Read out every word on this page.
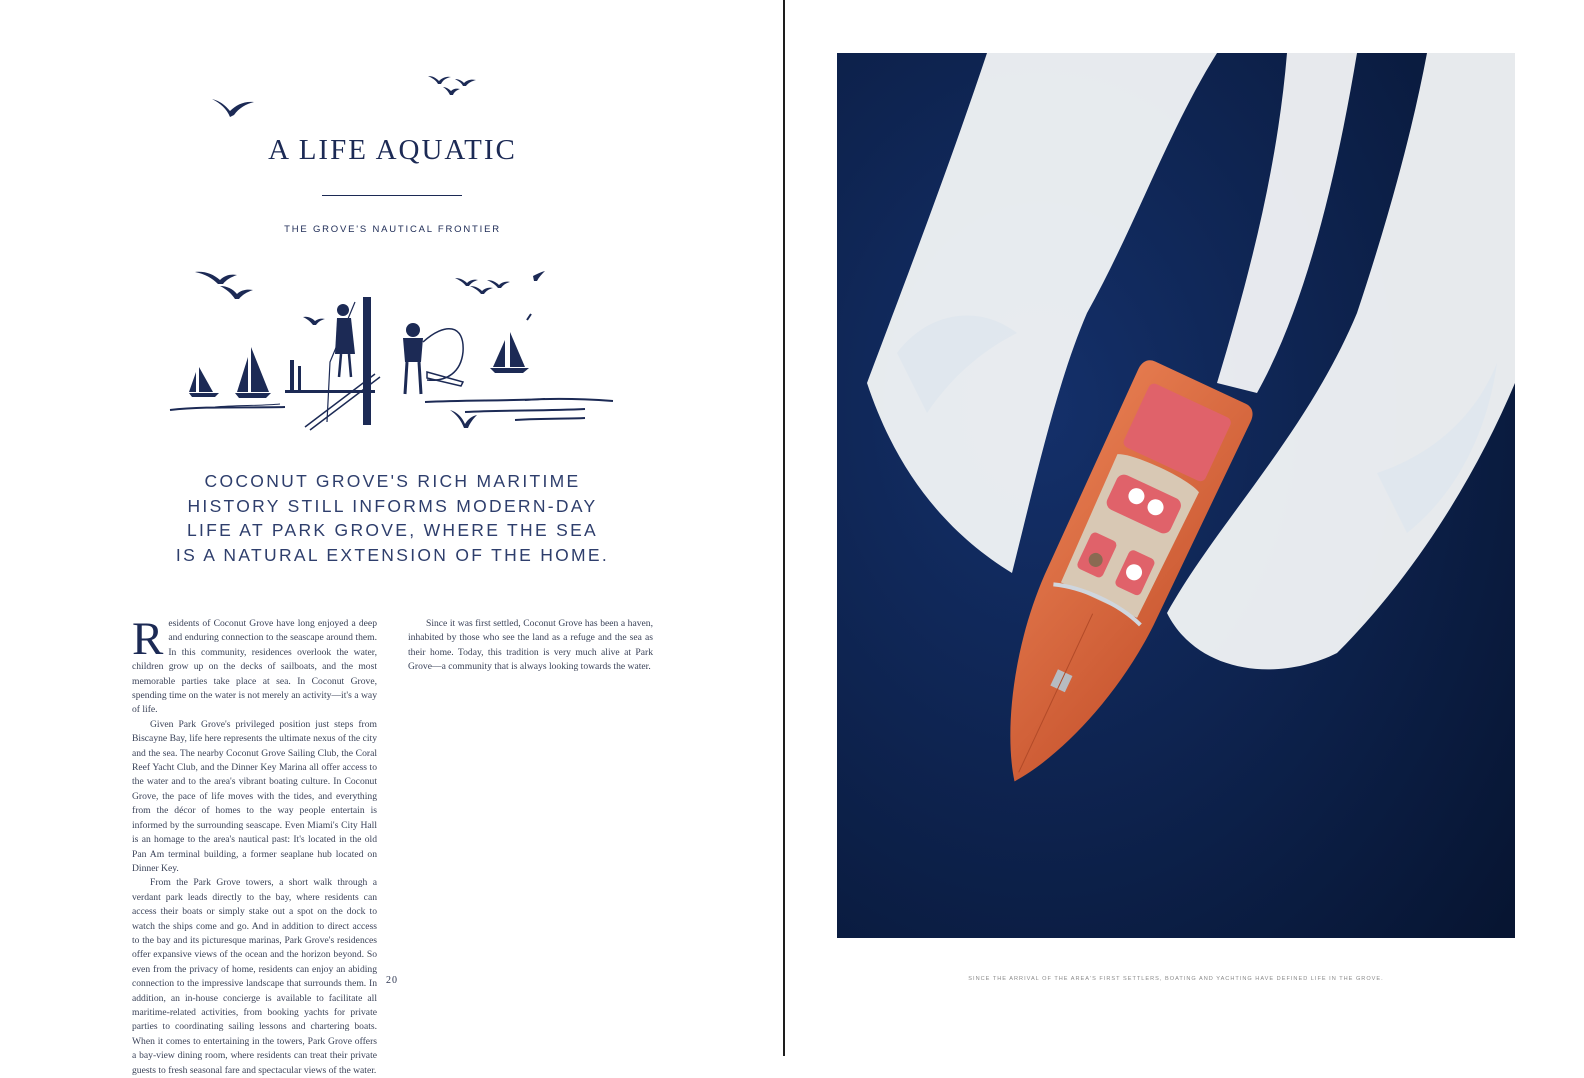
A LIFE AQUATIC
THE GROVE'S NAUTICAL FRONTIER
COCONUT GROVE'S RICH MARITIME
HISTORY STILL INFORMS MODERN-DAY
LIFE AT PARK GROVE, WHERE THE SEA
IS A NATURAL EXTENSION OF THE HOME.

Residents of Coconut Grove have long enjoyed a deep and enduring connection to the seascape around them. In this community, residences overlook the water, children grow up on the decks of sailboats, and the most memorable parties take place at sea. In Coconut Grove, spending time on the water is not merely an activity—it's a way of life.

Given Park Grove's privileged position just steps from Biscayne Bay, life here represents the ultimate nexus of the city and the sea. The nearby Coconut Grove Sailing Club, the Coral Reef Yacht Club, and the Dinner Key Marina all offer access to the water and to the area's vibrant boating culture. In Coconut Grove, the pace of life moves with the tides, and everything from the décor of homes to the way people entertain is informed by the surrounding seascape. Even Miami's City Hall is an homage to the area's nautical past: It's located in the old Pan Am terminal building, a former seaplane hub located on Dinner Key.

From the Park Grove towers, a short walk through a verdant park leads directly to the bay, where residents can access their boats or simply stake out a spot on the dock to watch the ships come and go. And in addition to direct access to the bay and its picturesque marinas, Park Grove's residences offer expansive views of the ocean and the horizon beyond. So even from the privacy of home, residents can enjoy an abiding connection to the impressive landscape that surrounds them. In addition, an in-house concierge is available to facilitate all maritime-related activities, from booking yachts for private parties to coordinating sailing lessons and chartering boats. When it comes to entertaining in the towers, Park Grove offers a bay-view dining room, where residents can treat their private guests to fresh seasonal fare and spectacular views of the water.

Since it was first settled, Coconut Grove has been a haven, inhabited by those who see the land as a refuge and the sea as their home. Today, this tradition is very much alive at Park Grove—a community that is always looking towards the water.

20	SINCE THE ARRIVAL OF THE AREA'S FIRST SETTLERS, BOATING AND YACHTING HAVE DEFINED LIFE IN THE GROVE.
